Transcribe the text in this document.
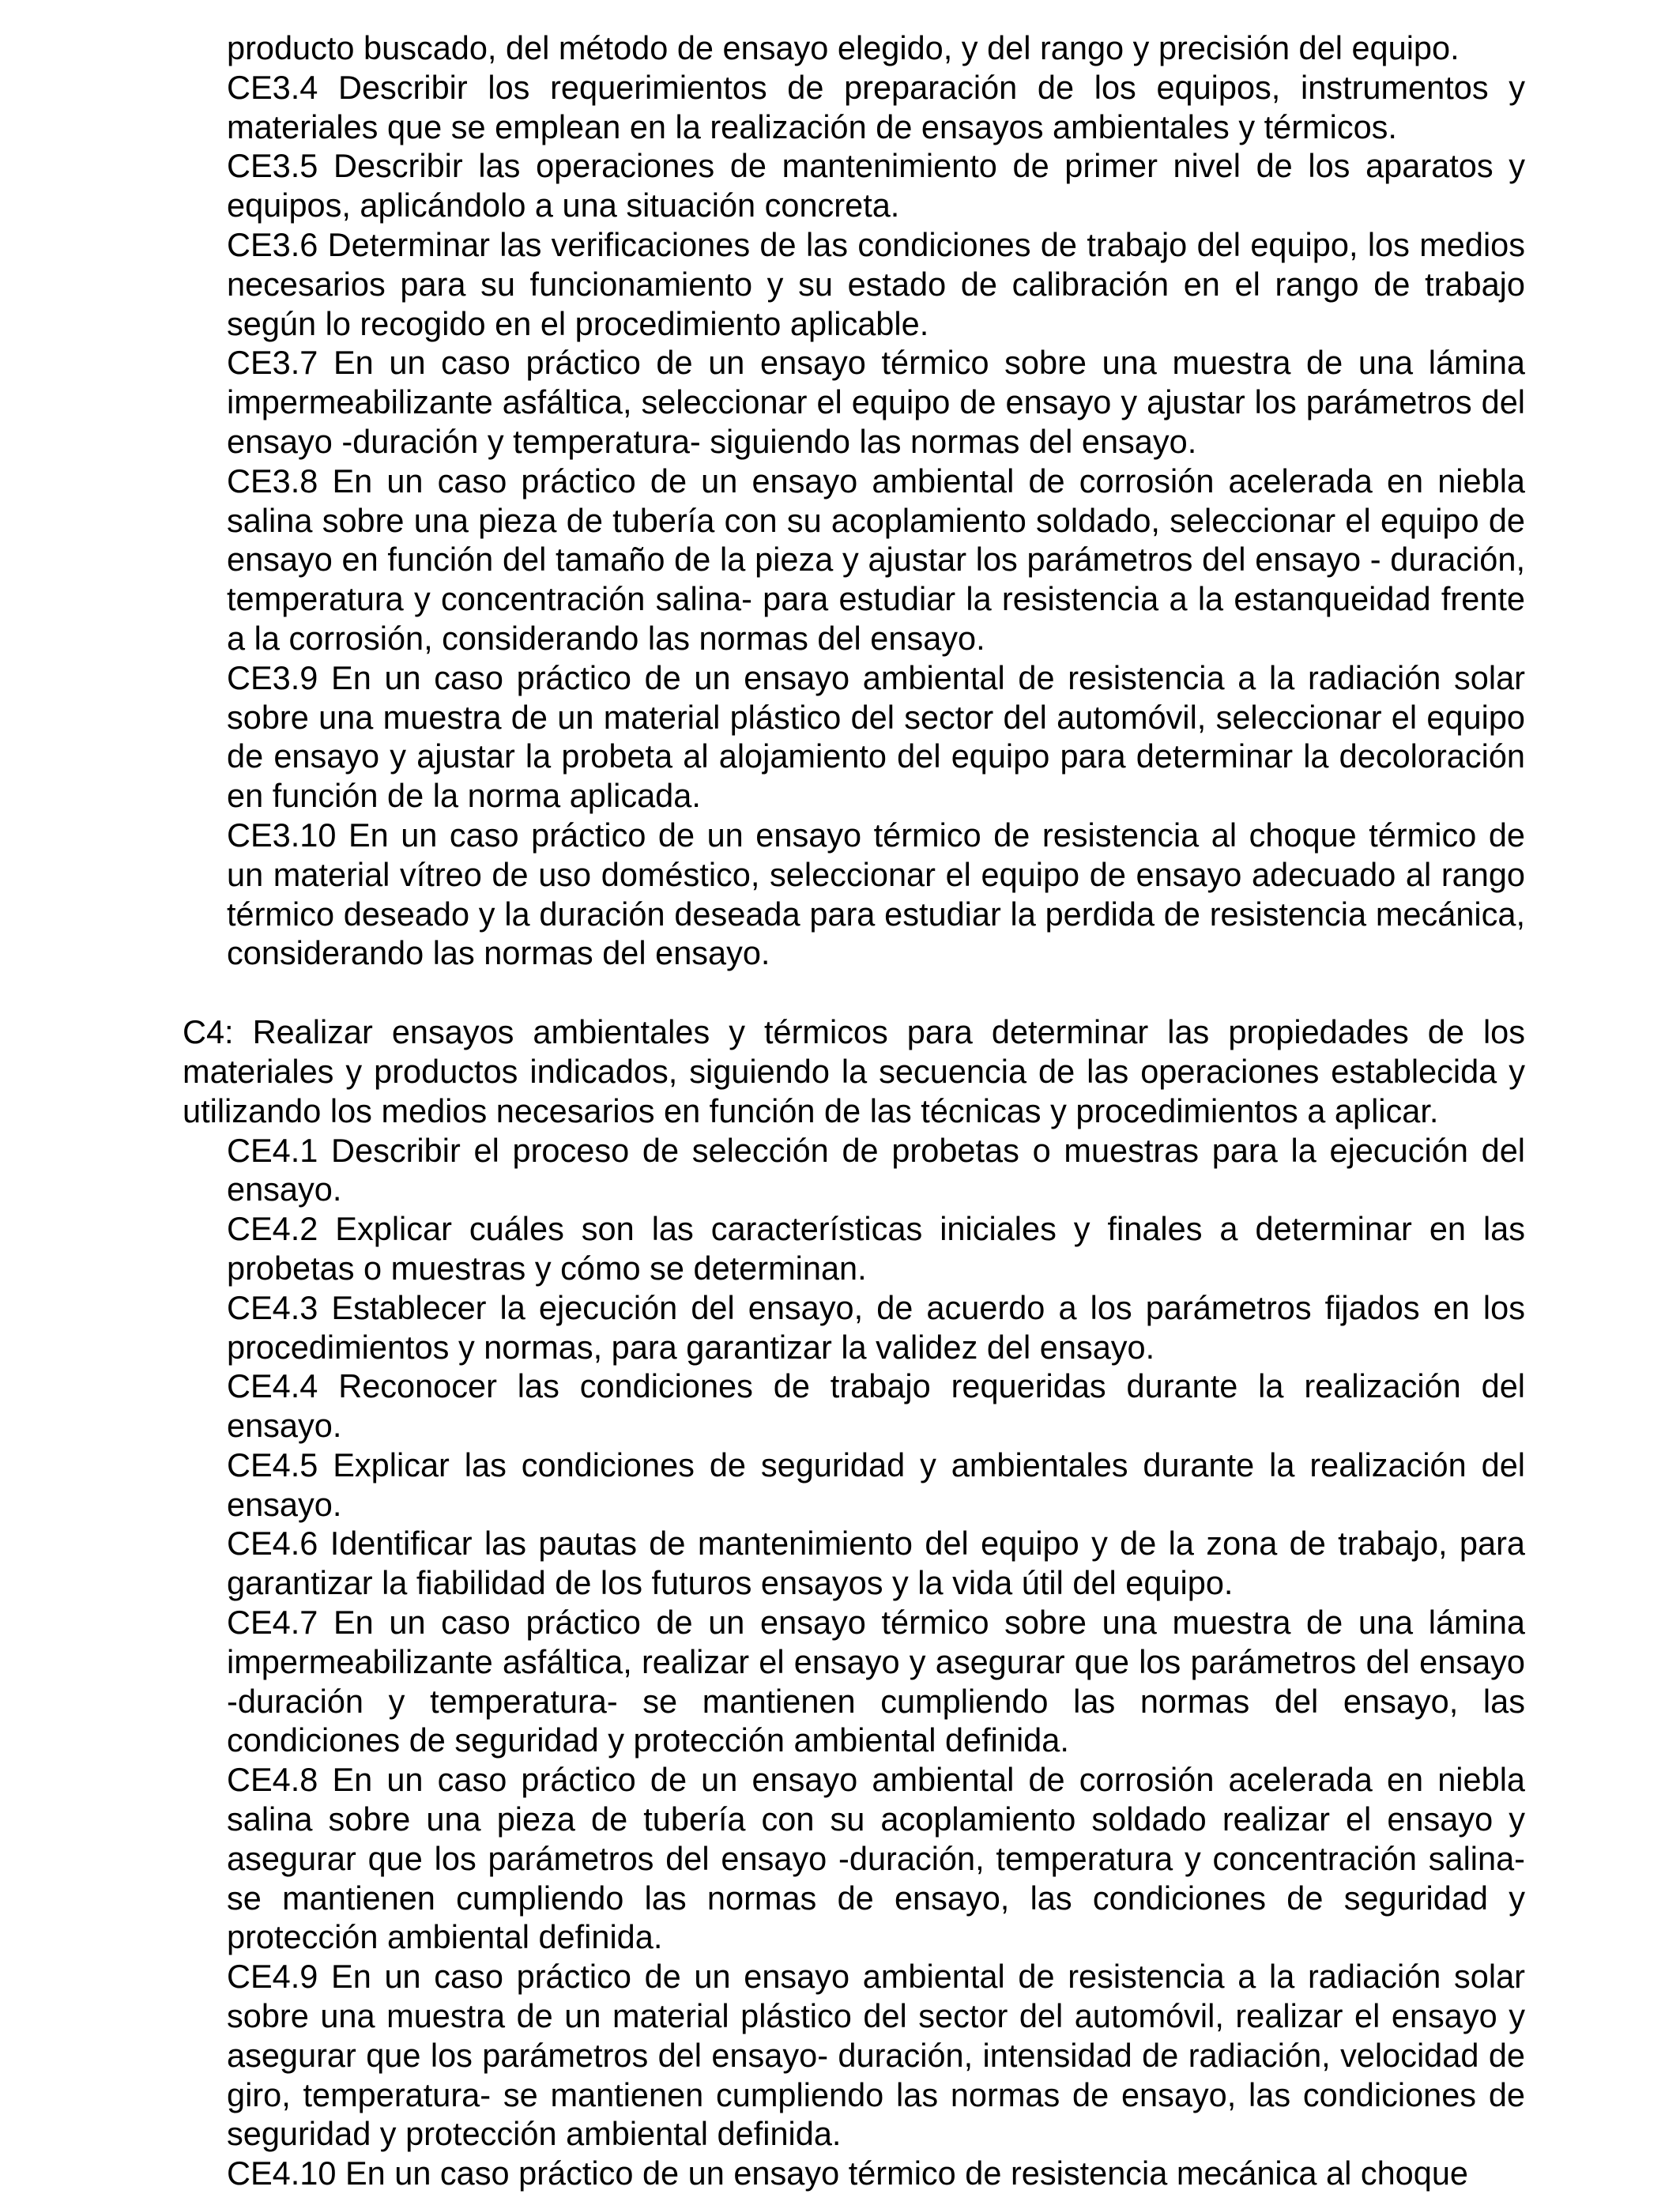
producto buscado, del método de ensayo elegido, y del rango y precisión del equipo.

CE3.4 Describir los requerimientos de preparación de los equipos, instrumentos y materiales que se emplean en la realización de ensayos ambientales y térmicos.

CE3.5 Describir las operaciones de mantenimiento de primer nivel de los aparatos y equipos, aplicándolo a una situación concreta.

CE3.6 Determinar las verificaciones de las condiciones de trabajo del equipo, los medios necesarios para su funcionamiento y su estado de calibración en el rango de trabajo según lo recogido en el procedimiento aplicable.

CE3.7 En un caso práctico de un ensayo térmico sobre una muestra de una lámina impermeabilizante asfáltica, seleccionar el equipo de ensayo y ajustar los parámetros del ensayo -duración y temperatura- siguiendo las normas del ensayo.

CE3.8 En un caso práctico de un ensayo ambiental de corrosión acelerada en niebla salina sobre una pieza de tubería con su acoplamiento soldado, seleccionar el equipo de ensayo en función del tamaño de la pieza y ajustar los parámetros del ensayo - duración, temperatura y concentración salina- para estudiar la resistencia a la estanqueidad frente a la corrosión, considerando las normas del ensayo.

CE3.9 En un caso práctico de un ensayo ambiental de resistencia a la radiación solar sobre una muestra de un material plástico del sector del automóvil, seleccionar el equipo de ensayo y ajustar la probeta al alojamiento del equipo para determinar la decoloración en función de la norma aplicada.

CE3.10 En un caso práctico de un ensayo térmico de resistencia al choque térmico de un material vítreo de uso doméstico, seleccionar el equipo de ensayo adecuado al rango térmico deseado y la duración deseada para estudiar la perdida de resistencia mecánica, considerando las normas del ensayo.

C4: Realizar ensayos ambientales y térmicos para determinar las propiedades de los materiales y productos indicados, siguiendo la secuencia de las operaciones establecida y utilizando los medios necesarios en función de las técnicas y procedimientos a aplicar.

CE4.1 Describir el proceso de selección de probetas o muestras para la ejecución del ensayo.

CE4.2 Explicar cuáles son las características iniciales y finales a determinar en las probetas o muestras y cómo se determinan.

CE4.3 Establecer la ejecución del ensayo, de acuerdo a los parámetros fijados en los procedimientos y normas, para garantizar la validez del ensayo.

CE4.4 Reconocer las condiciones de trabajo requeridas durante la realización del ensayo.

CE4.5 Explicar las condiciones de seguridad y ambientales durante la realización del ensayo.

CE4.6 Identificar las pautas de mantenimiento del equipo y de la zona de trabajo, para garantizar la fiabilidad de los futuros ensayos y la vida útil del equipo.

CE4.7 En un caso práctico de un ensayo térmico sobre una muestra de una lámina impermeabilizante asfáltica, realizar el ensayo y asegurar que los parámetros del ensayo -duración y temperatura- se mantienen cumpliendo las normas del ensayo, las condiciones de seguridad y protección ambiental definida.

CE4.8 En un caso práctico de un ensayo ambiental de corrosión acelerada en niebla salina sobre una pieza de tubería con su acoplamiento soldado realizar el ensayo y asegurar que los parámetros del ensayo -duración, temperatura y concentración salina- se mantienen cumpliendo las normas de ensayo, las condiciones de seguridad y protección ambiental definida.

CE4.9 En un caso práctico de un ensayo ambiental de resistencia a la radiación solar sobre una muestra de un material plástico del sector del automóvil, realizar el ensayo y asegurar que los parámetros del ensayo- duración, intensidad de radiación, velocidad de giro, temperatura- se mantienen cumpliendo las normas de ensayo, las condiciones de seguridad y protección ambiental definida.

CE4.10 En un caso práctico de un ensayo térmico de resistencia mecánica al choque
